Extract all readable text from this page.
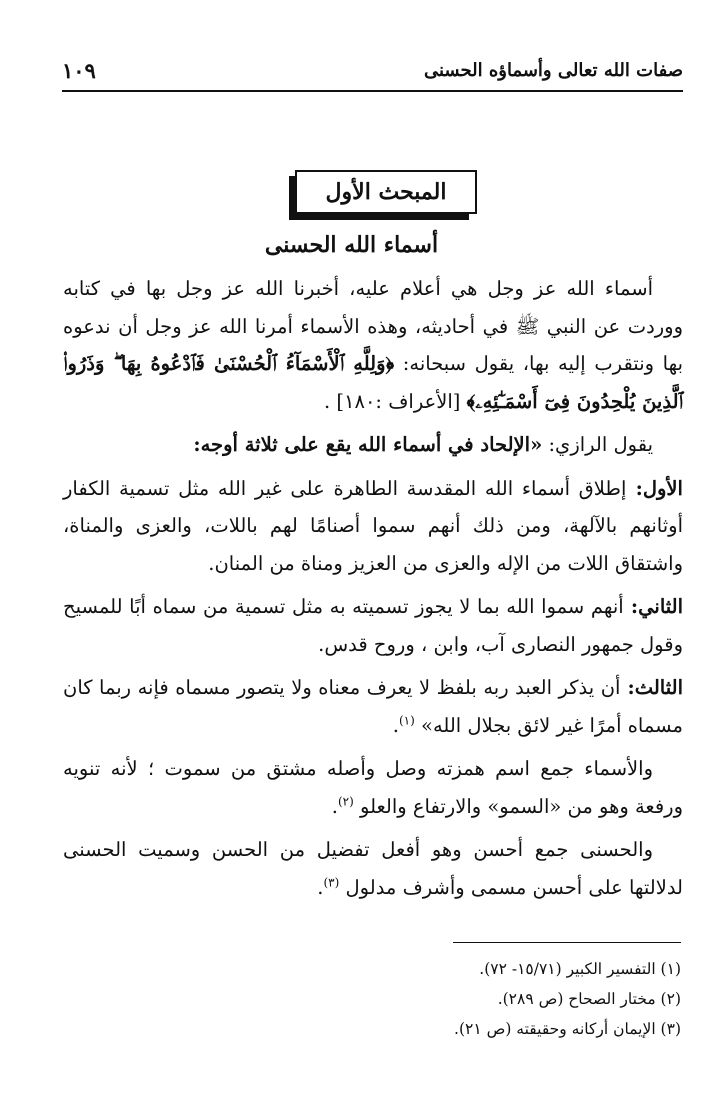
صفات الله تعالى وأسماؤه الحسنى
١٠٩
المبحث الأول
أسماء الله الحسنى

أسماء الله عز وجل هي أعلام عليه، أخبرنا الله عز وجل بها في كتابه ووردت عن النبي ﷺ في أحاديثه، وهذه الأسماء أمرنا الله عز وجل أن ندعوه بها ونتقرب إليه بها، يقول سبحانه: ﴿وَلِلَّهِ ٱلْأَسْمَآءُ ٱلْحُسْنَىٰ فَٱدْعُوهُ بِهَا ۖ وَذَرُوا۟ ٱلَّذِينَ يُلْحِدُونَ فِىٓ أَسْمَـٰٓئِهِۦ﴾ [الأعراف :١٨٠] .

يقول الرازي: «الإلحاد في أسماء الله يقع على ثلاثة أوجه:

الأول: إطلاق أسماء الله المقدسة الطاهرة على غير الله مثل تسمية الكفار أوثانهم بالآلهة، ومن ذلك أنهم سموا أصنامًا لهم باللات، والعزى والمناة، واشتقاق اللات من الإله والعزى من العزيز ومناة من المنان.

الثاني: أنهم سموا الله بما لا يجوز تسميته به مثل تسمية من سماه أبًا للمسيح وقول جمهور النصارى آب، وابن ، وروح قدس.

الثالث: أن يذكر العبد ربه بلفظ لا يعرف معناه ولا يتصور مسماه فإنه ربما كان مسماه أمرًا غير لائق بجلال الله» $^{(١)}$.

والأسماء جمع اسم همزته وصل وأصله مشتق من سموت ؛ لأنه تنويه ورفعة وهو من «السمو» والارتفاع والعلو $^{(٢)}$.

والحسنى جمع أحسن وهو أفعل تفضيل من الحسن وسميت الحسنى لدلالتها على أحسن مسمى وأشرف مدلول $^{(٣)}$.

(١) التفسير الكبير (١٥/٧١- ٧٢).
(٢) مختار الصحاح (ص ٢٨٩).
(٣) الإيمان أركانه وحقيقته (ص ٢١).
